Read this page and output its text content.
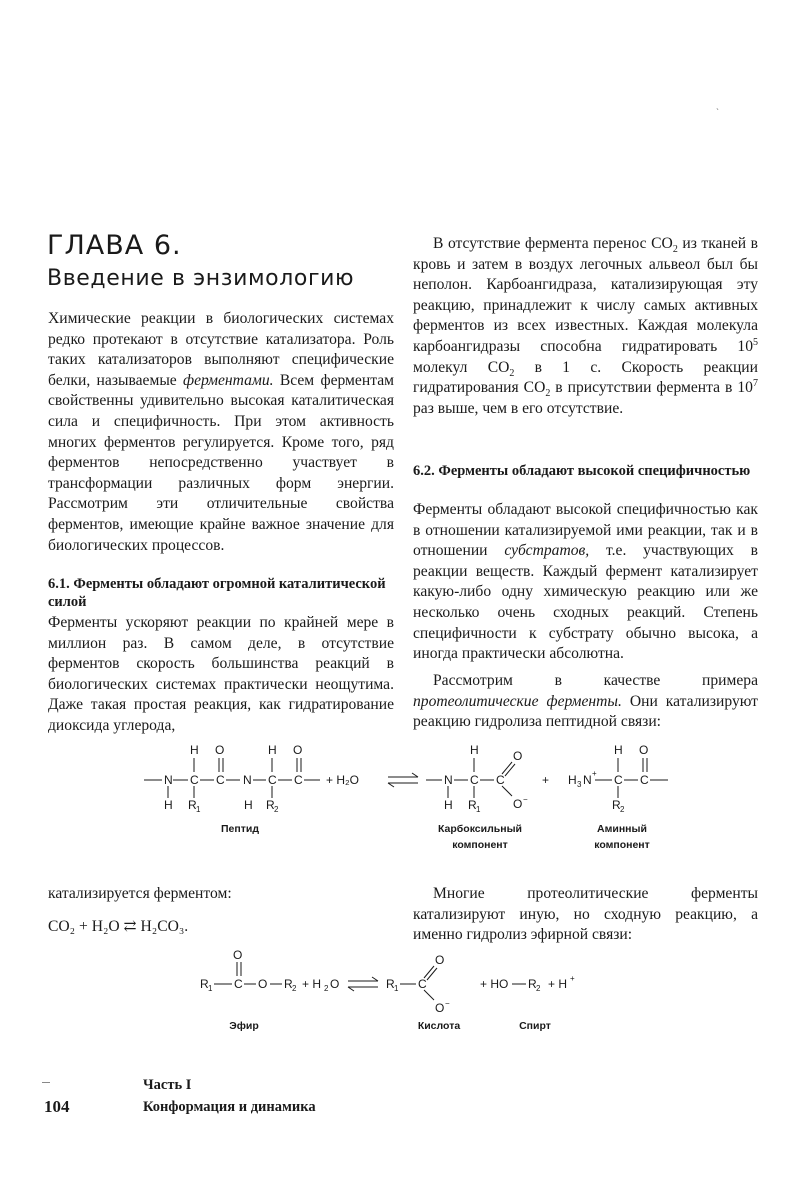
ˎ
ГЛАВА 6.
Введение в энзимологию

Химические реакции в биологических системах редко протекают в отсутствие катализатора. Роль таких катализаторов выполняют специфические белки, называемые ферментами. Всем ферментам свойственны удивительно высокая каталитическая сила и специфичность. При этом активность многих ферментов регулируется. Кроме того, ряд ферментов непосредственно участвует в трансформации различных форм энергии. Рассмотрим эти отличительные свойства ферментов, имеющие крайне важное значение для биологических процессов.

6.1. Ферменты обладают огромной каталитической силой

Ферменты ускоряют реакции по крайней мере в миллион раз. В самом деле, в отсутствие ферментов скорость большинства реакций в биологических системах практически неощутима. Даже такая простая реакция, как гидратирование диоксида углерода,

В отсутствие фермента перенос $CO_2$ из тканей в кровь и затем в воздух легочных альвеол был бы неполон. Карбоангидраза, катализирующая эту реакцию, принадлежит к числу самых активных ферментов из всех известных. Каждая молекула карбоангидразы способна гидратировать $10^5$ молекул $CO_2$ в 1 с. Скорость реакции гидратирования $CO_2$ в присутствии фермента в $10^7$ раз выше, чем в его отсутствие.

6.2. Ферменты обладают высокой специфичностью

Ферменты обладают высокой специфичностью как в отношении катализируемой ими реакции, так и в отношении субстратов, т.е. участвующих в реакции веществ. Каждый фермент катализирует какую-либо одну химическую реакцию или же несколько очень сходных реакций. Степень специфичности к субстрату обычно высока, а иногда практически абсолютна.

Рассмотрим в качестве примера протеолитические ферменты. Они катализируют реакцию гидролиза пептидной связи:

N
H
C
H
R 1
C
O
N
H
C
H
R 2
C
O
+ H₂O	N
H
C
H
R 1
C
O
O −
+ H 3 N + C
H
R 2
C
O
Пептид	Карбоксильный
компонент
Аминный
компонент

катализируется ферментом:

CO₂ + H₂O ⇄ H₂CO₃.

Многие протеолитические ферменты катализируют иную, но сходную реакцию, а именно гидролиз эфирной связи:

R 1 C
O
O R 2 + H 2 O	R 1 C
O
O −
+ HO R 2 + H +
Эфир	Кислота	Спирт
104
Часть I
Конформация и динамика
